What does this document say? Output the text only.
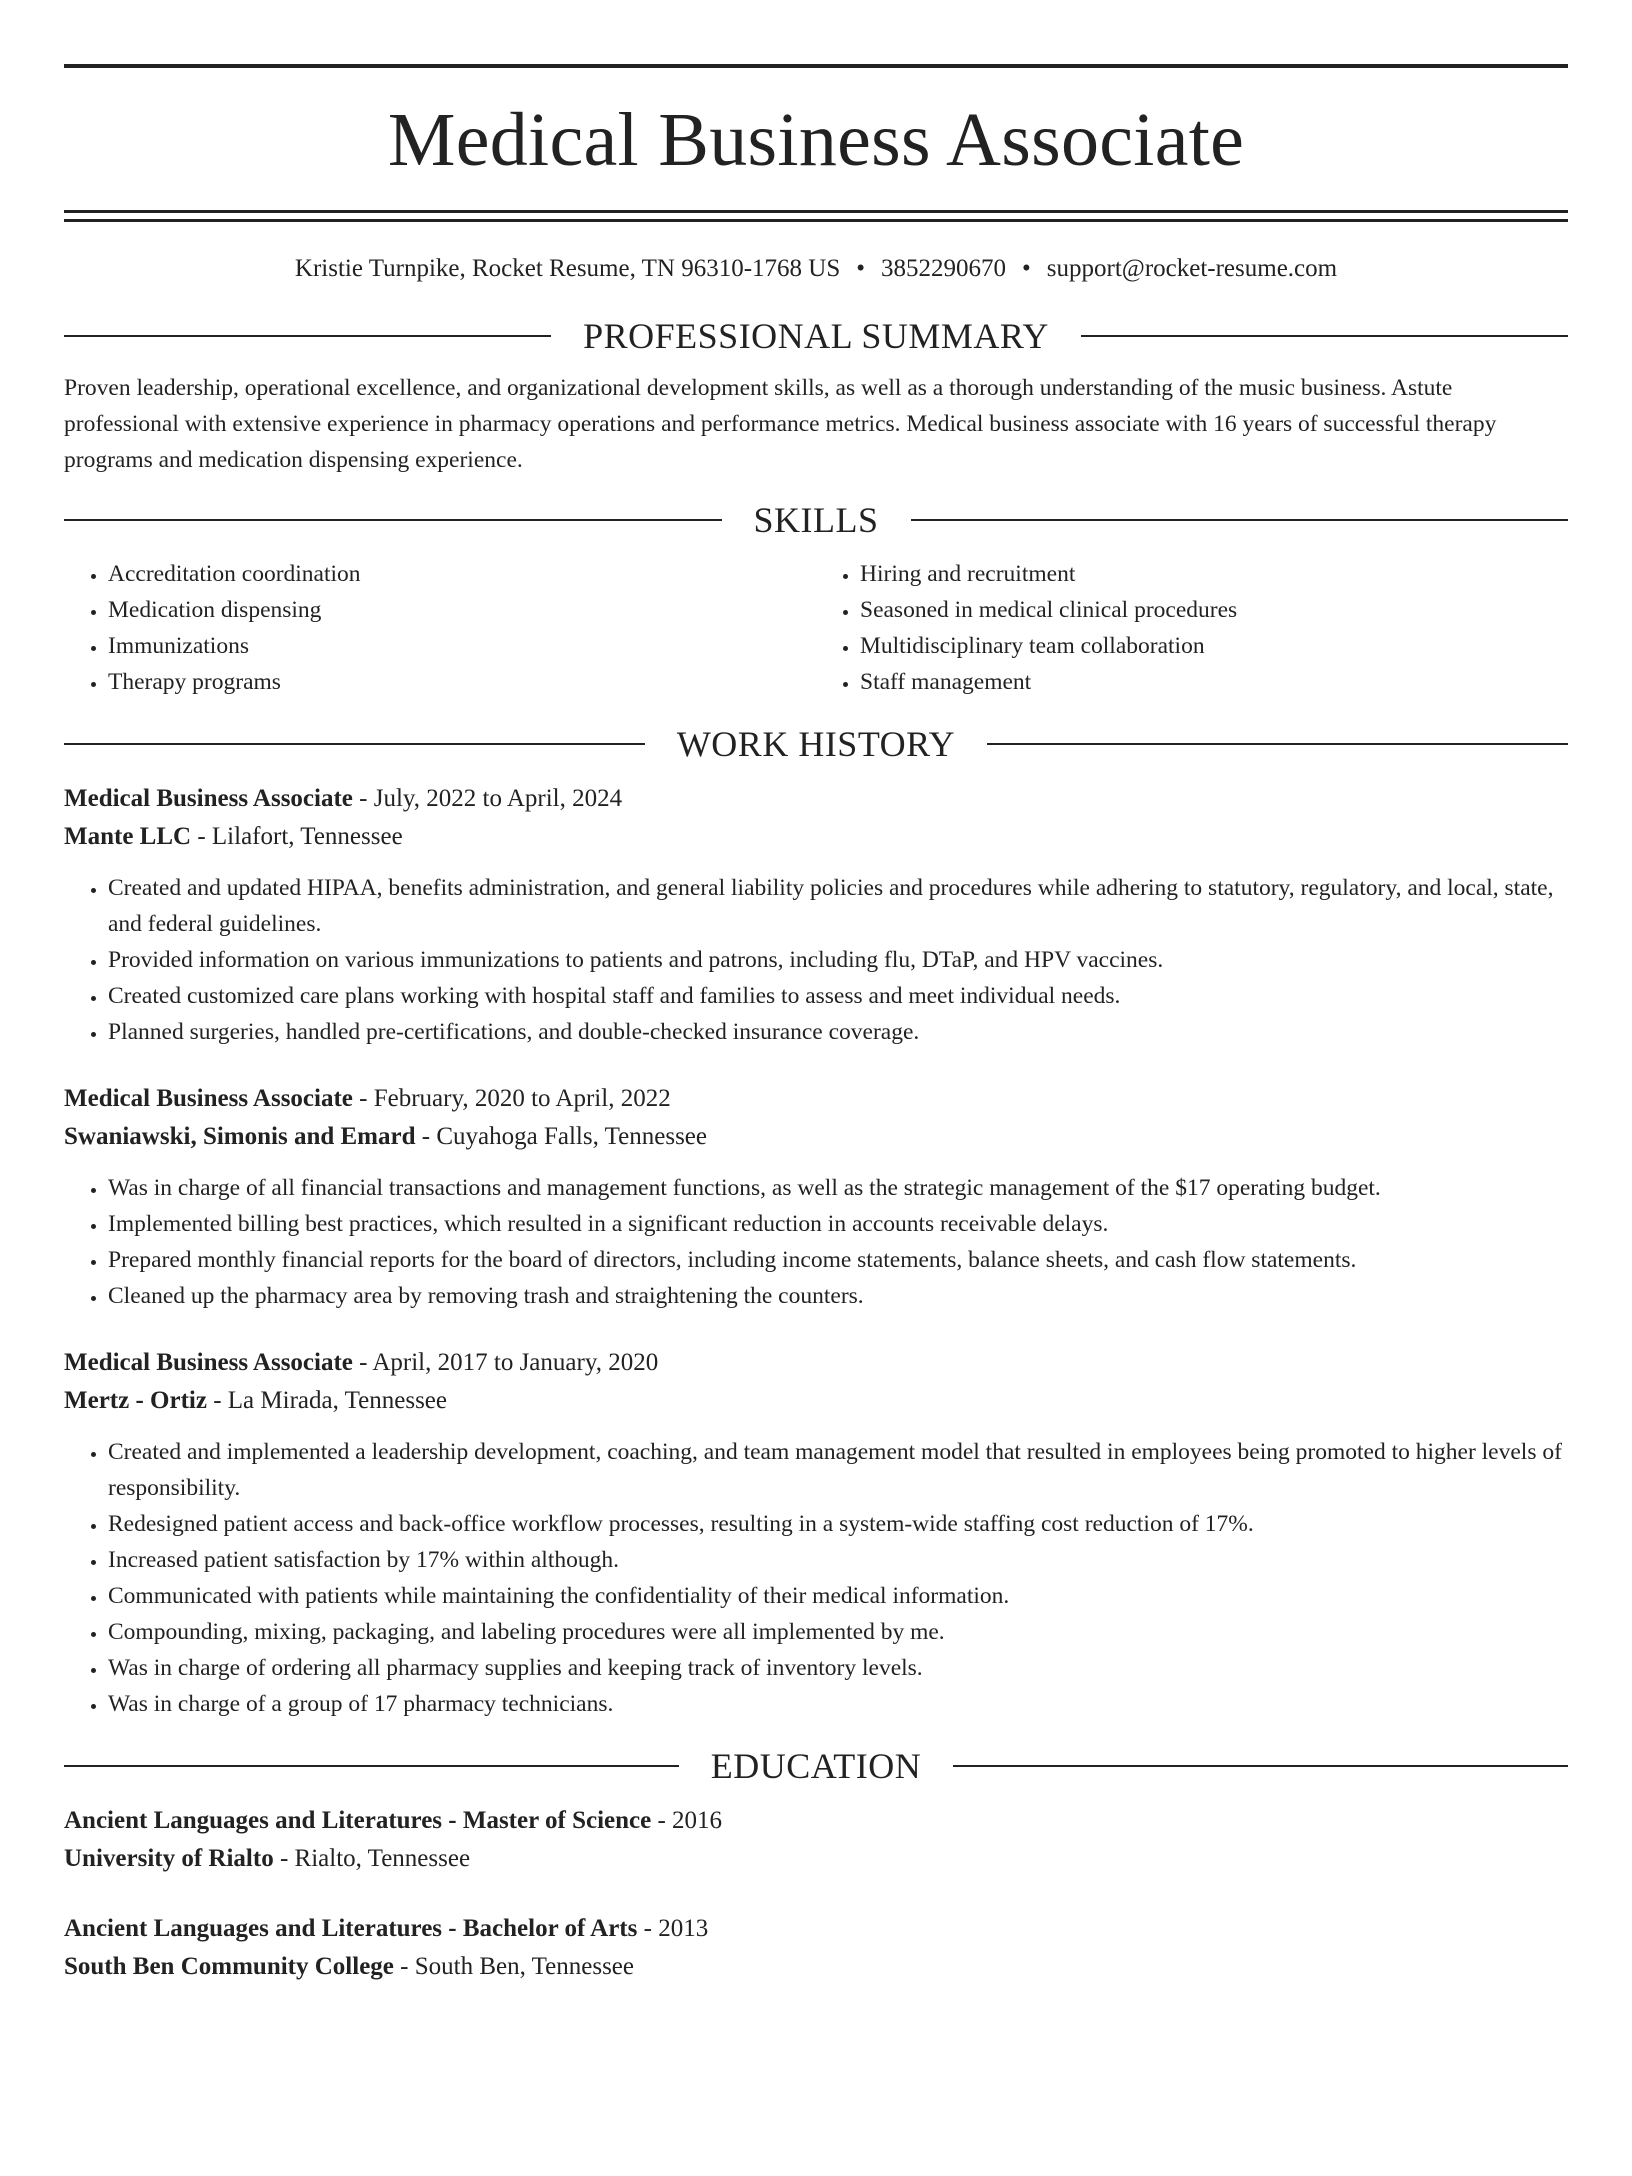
Medical Business Associate
Kristie Turnpike, Rocket Resume, TN 96310-1768 US • 3852290670 • support@rocket-resume.com
PROFESSIONAL SUMMARY
Proven leadership, operational excellence, and organizational development skills, as well as a thorough understanding of the music business. Astute professional with extensive experience in pharmacy operations and performance metrics. Medical business associate with 16 years of successful therapy programs and medication dispensing experience.
SKILLS
• Accreditation coordination
• Medication dispensing
• Immunizations
• Therapy programs
• Hiring and recruitment
• Seasoned in medical clinical procedures
• Multidisciplinary team collaboration
• Staff management
WORK HISTORY
Medical Business Associate - July, 2022 to April, 2024
Mante LLC - Lilafort, Tennessee
• Created and updated HIPAA, benefits administration, and general liability policies and procedures while adhering to statutory, regulatory, and local, state, and federal guidelines.
• Provided information on various immunizations to patients and patrons, including flu, DTaP, and HPV vaccines.
• Created customized care plans working with hospital staff and families to assess and meet individual needs.
• Planned surgeries, handled pre-certifications, and double-checked insurance coverage.
Medical Business Associate - February, 2020 to April, 2022
Swaniawski, Simonis and Emard - Cuyahoga Falls, Tennessee
• Was in charge of all financial transactions and management functions, as well as the strategic management of the $17 operating budget.
• Implemented billing best practices, which resulted in a significant reduction in accounts receivable delays.
• Prepared monthly financial reports for the board of directors, including income statements, balance sheets, and cash flow statements.
• Cleaned up the pharmacy area by removing trash and straightening the counters.
Medical Business Associate - April, 2017 to January, 2020
Mertz - Ortiz - La Mirada, Tennessee
• Created and implemented a leadership development, coaching, and team management model that resulted in employees being promoted to higher levels of responsibility.
• Redesigned patient access and back-office workflow processes, resulting in a system-wide staffing cost reduction of 17%.
• Increased patient satisfaction by 17% within although.
• Communicated with patients while maintaining the confidentiality of their medical information.
• Compounding, mixing, packaging, and labeling procedures were all implemented by me.
• Was in charge of ordering all pharmacy supplies and keeping track of inventory levels.
• Was in charge of a group of 17 pharmacy technicians.
EDUCATION
Ancient Languages and Literatures - Master of Science - 2016
University of Rialto - Rialto, Tennessee
Ancient Languages and Literatures - Bachelor of Arts - 2013
South Ben Community College - South Ben, Tennessee
